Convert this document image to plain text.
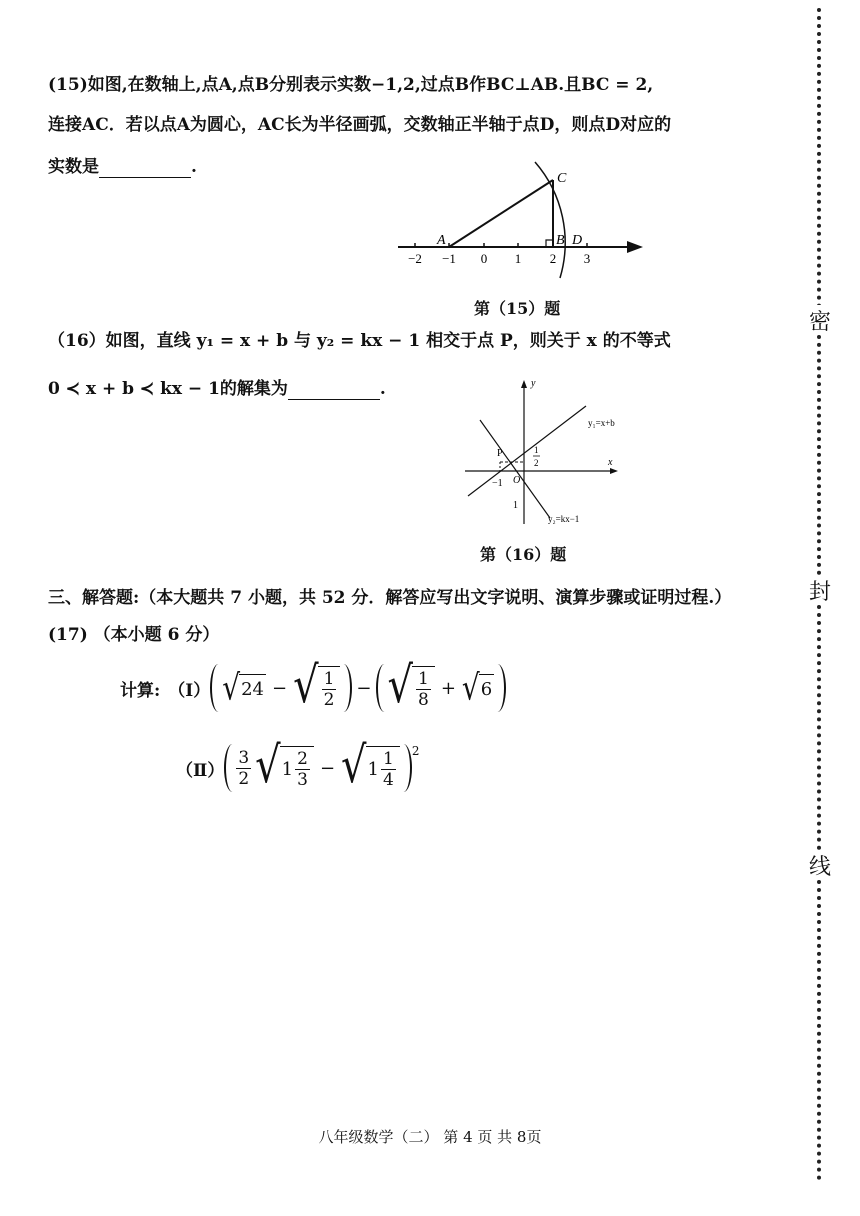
(15)如图,在数轴上,点A,点B分别表示实数−1,2,过点B作BC⊥AB.且BC = 2,
连接AC．若以点A为圆心，AC长为半径画弧，交数轴正半轴于点D，则点D对应的
实数是	.
−2 −1 0 1 2 3
A	B
C
D
第（15）题
（16）如图，直线 y₁ = x + b 与 y₂ = kx − 1 相交于点 P，则关于 x 的不等式
0 ≺ x + b ≺ kx − 1的解集为	.
x
y
y₁=x+b
y₂=kx−1
P
O
−1
1
1
2
第（16）题
三、解答题:（本大题共 7 小题，共 52 分．解答应写出文字说明、演算步骤或证明过程.）
(17) （本小题 6 分）
计算: （Ⅰ） √ 24 − √ $\frac{1}{2}$ − √ $\frac{1}{8}$ + √ 6
（Ⅱ） $\frac{3}{2}$ √ $1 \frac{2}{3}$ − √ $1 \frac{1}{4} ^2$
八年级数学（二） 第 4 页 共 8页
密
封
线
